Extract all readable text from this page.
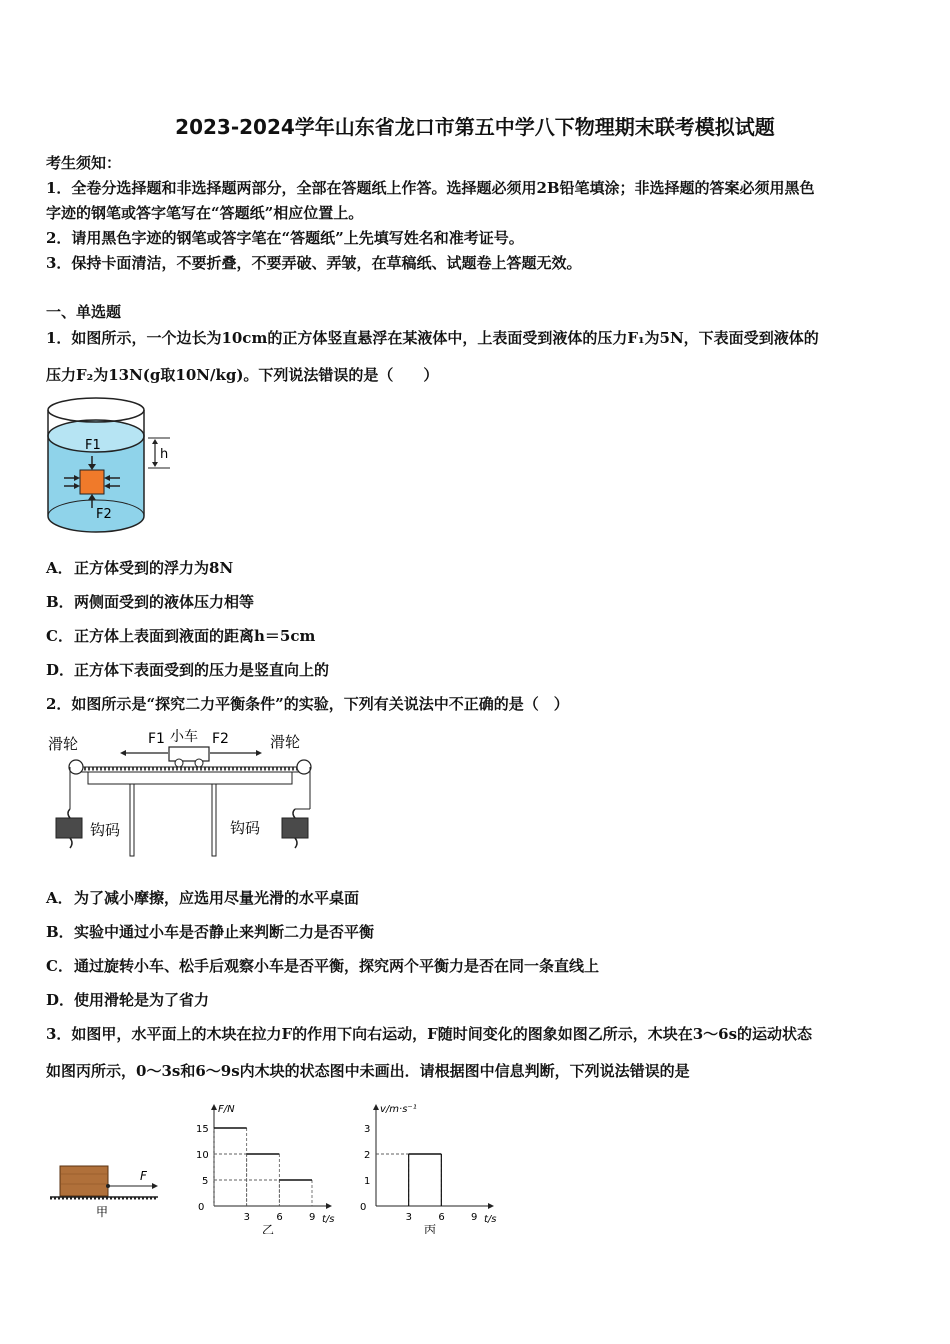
2023-2024学年山东省龙口市第五中学八下物理期末联考模拟试题
考生须知：
1．全卷分选择题和非选择题两部分，全部在答题纸上作答。选择题必须用2B铅笔填涂；非选择题的答案必须用黑色
字迹的钢笔或答字笔写在“答题纸”相应位置上。
2．请用黑色字迹的钢笔或答字笔在“答题纸”上先填写姓名和准考证号。
3．保持卡面清洁，不要折叠，不要弄破、弄皱，在草稿纸、试题卷上答题无效。
一、单选题
1．如图所示，一个边长为10cm的正方体竖直悬浮在某液体中，上表面受到液体的压力F₁为5N，下表面受到液体的
压力F₂为13N(g取10N/kg)。下列说法错误的是（　　）
F1
F2
h
A．正方体受到的浮力为8N
B．两侧面受到的液体压力相等
C．正方体上表面到液面的距离h＝5cm
D．正方体下表面受到的压力是竖直向上的
2．如图所示是“探究二力平衡条件”的实验，下列有关说法中不正确的是（　）
滑轮	滑轮
F1 小车 F2
钩码	钩码
A．为了减小摩擦，应选用尽量光滑的水平桌面
B．实验中通过小车是否静止来判断二力是否平衡
C．通过旋转小车、松手后观察小车是否平衡，探究两个平衡力是否在同一条直线上
D．使用滑轮是为了省力
3．如图甲，水平面上的木块在拉力F的作用下向右运动，F随时间变化的图象如图乙所示，木块在3～6s的运动状态
如图丙所示，0～3s和6～9s内木块的状态图中未画出．请根据图中信息判断，下列说法错误的是
F
甲	0
F/N
t/s
3	6	9
5
10
15
乙
0
v/m·s⁻¹
t/s
3	6	9
1
2
3
丙
